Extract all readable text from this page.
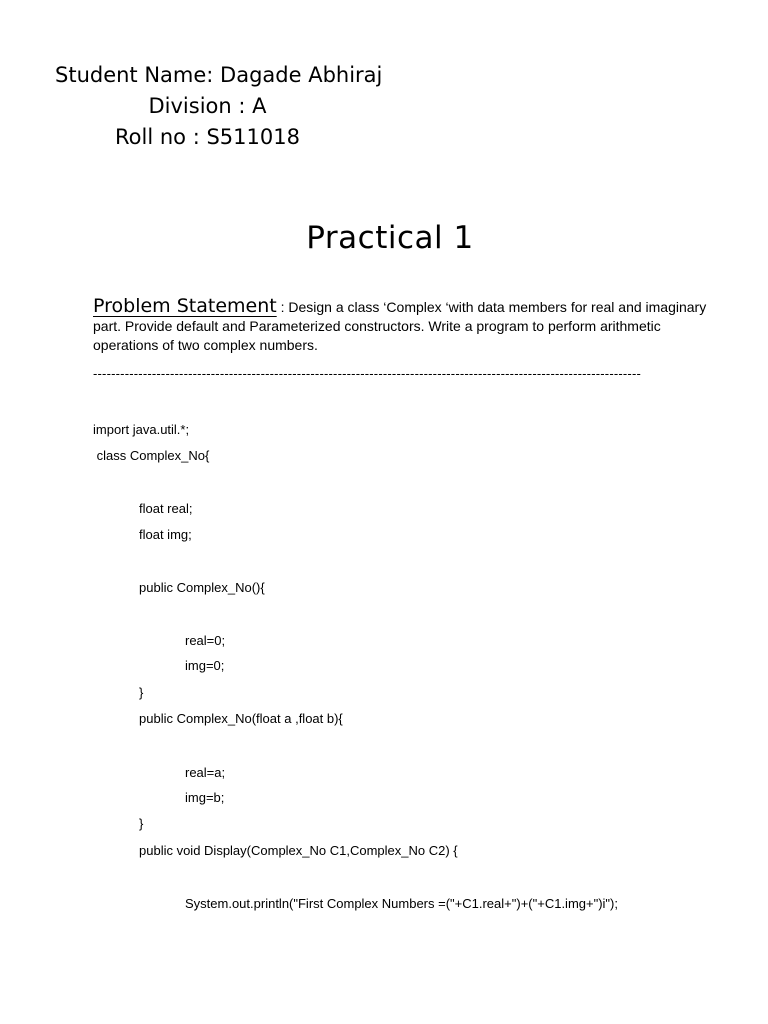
Student Name: Dagade Abhiraj
Division : A
Roll no : S511018
Practical 1
Problem Statement : Design a class ‘Complex ‘with data members for real and imaginary part. Provide default and Parameterized constructors. Write a program to perform arithmetic operations of two complex numbers.
-------------------------------------------------------------------------------------------------------------------------
import java.util.*;
class Complex_No{
float real;
float img;
public Complex_No(){
real=0;
img=0;
}
public Complex_No(float a ,float b){
real=a;
img=b;
}
public void Display(Complex_No C1,Complex_No C2) {
System.out.println("First Complex Numbers =("+C1.real+")+("+C1.img+")i");
